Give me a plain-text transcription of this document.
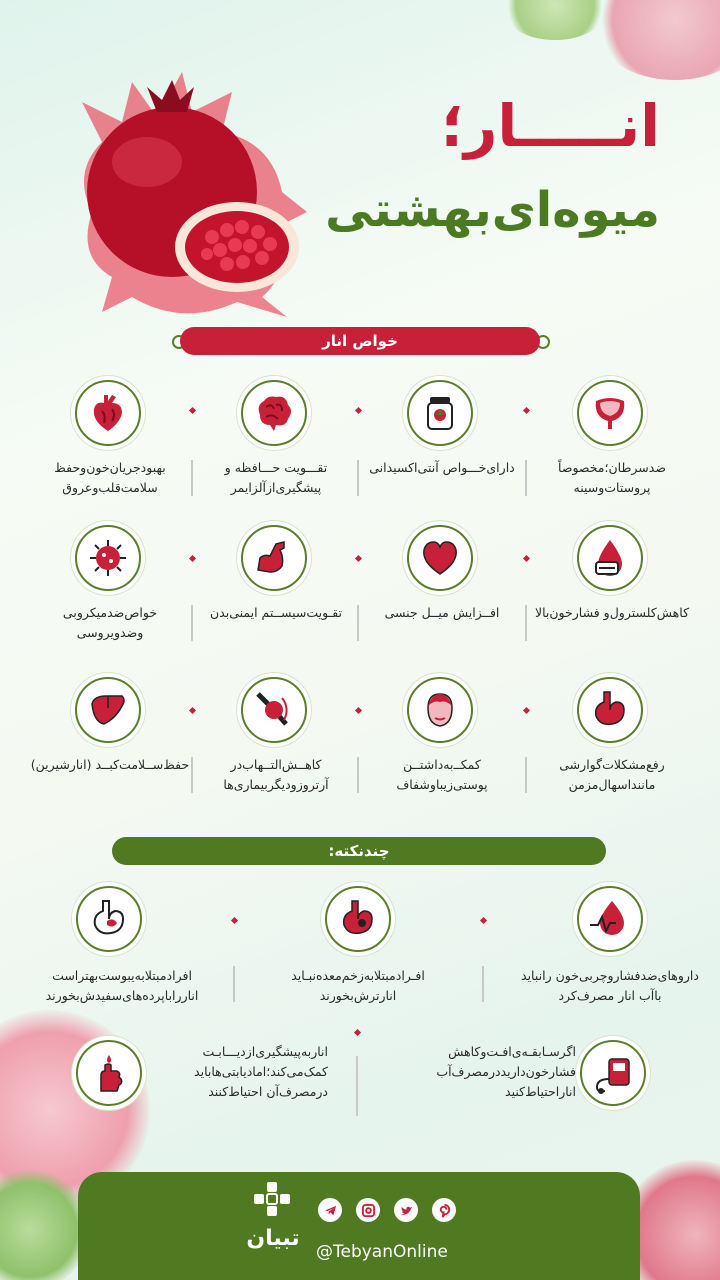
انـــــار؛
میوه‌ای‌بهشتی
خواص انار
ضدسرطان؛مخصوصاً پروستات‌وسینه
دارای‌خـــواص آنتی‌اکسیدانی
تقـــویت حـــافظه و پیشگیری‌ازآلزایمر
بهبودجریان‌خون‌وحفظ سلامت‌قلب‌وعروق
کاهش‌کلسترول‌و فشارخون‌بالا
افــزایش میــل جنسی
تقـویت‌سیســتم ایمنی‌بدن
خواص‌ضدمیکروبی وضدویروسی
رفع‌مشکلات‌گوارشی مانند‌اسهال‌مزمن
کمکــ‌‌به‌داشتــن پوستی‌زیباوشفاف
کاهــش‌التــهاب‌در آرتروزودیگربیماری‌ها
حفظ‌ســلامت‌کبــد (انارشیرین)
چندنکته:
داروهای‌ضدفشاروچربی‌خون رانباید باآب انار مصرف‌کرد
افـرادمبتلابه‌زخم‌معده‌نبـاید انارترش‌بخورند
افرادمبتلابه‌یبوست‌بهتراست انارراباپرده‌های‌سفیدش‌بخورند
اگرسـابقـه‌ی‌افـت‌وکاهش فشارخون‌دارید‌در‌مصرف‌آب انار‌احتیاط‌کنید
اناربه‌پیشگیری‌ازدیـــابـت کمک‌می‌کند؛امادیابتی‌هاباید درمصرف‌آن احتیاط‌کنند
تبیان
@TebyanOnline
